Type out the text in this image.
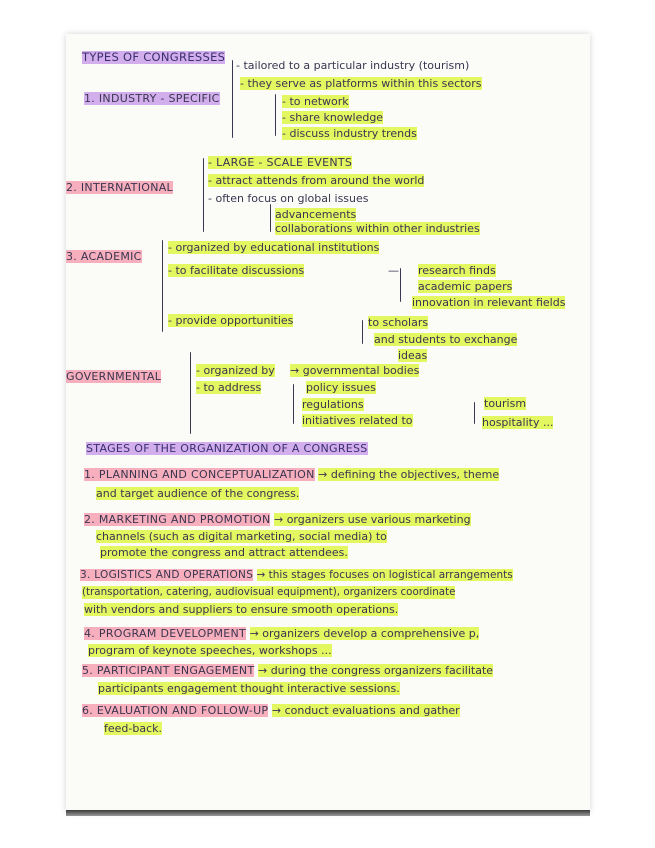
TYPES OF CONGRESSES
1. INDUSTRY - SPECIFIC
- tailored to a particular industry (tourism)
- they serve as platforms within this sectors
- to network
- share knowledge
- discuss industry trends
2. INTERNATIONAL
- LARGE - SCALE EVENTS
- attract attends from around the world
- often focus on global issues
advancements
collaborations within other industries
3. ACADEMIC
- organized by educational institutions
- to facilitate discussions	— research finds
academic papers
innovation in relevant fields
- provide opportunities	to scholars
and students to exchange
ideas
GOVERNMENTAL	- organized by → governmental bodies
- to address	policy issues
regulations
initiatives related to
tourism
hospitality ...
STAGES OF THE ORGANIZATION OF A CONGRESS
1. PLANNING AND CONCEPTUALIZATION → defining the objectives, theme
and target audience of the congress.
2. MARKETING AND PROMOTION → organizers use various marketing
channels (such as digital marketing, social media) to
promote the congress and attract attendees.
3. LOGISTICS AND OPERATIONS → this stages focuses on logistical arrangements
(transportation, catering, audiovisual equipment), organizers coordinate
with vendors and suppliers to ensure smooth operations.
4. PROGRAM DEVELOPMENT → organizers develop a comprehensive p,
program of keynote speeches, workshops ...
5. PARTICIPANT ENGAGEMENT → during the congress organizers facilitate
participants engagement thought interactive sessions.
6. EVALUATION AND FOLLOW-UP → conduct evaluations and gather
feed-back.
